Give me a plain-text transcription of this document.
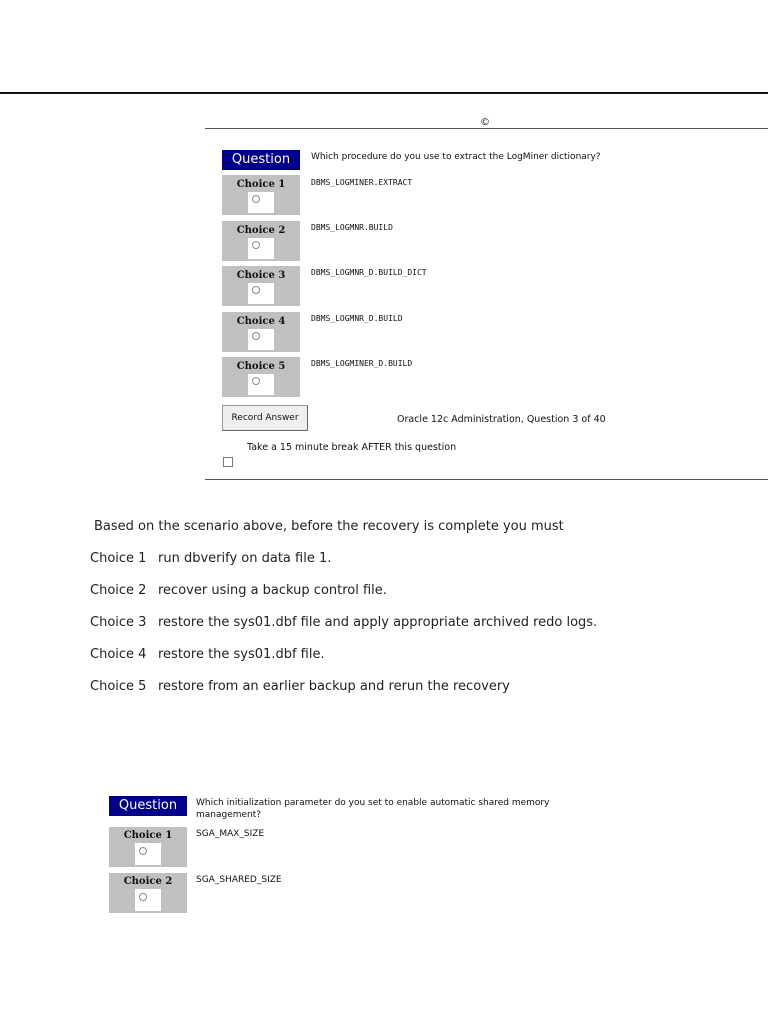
©
Question	Which procedure do you use to extract the LogMiner dictionary?
Choice 1	DBMS_LOGMINER.EXTRACT
Choice 2	DBMS_LOGMNR.BUILD
Choice 3	DBMS_LOGMNR_D.BUILD_DICT
Choice 4	DBMS_LOGMNR_D.BUILD
Choice 5	DBMS_LOGMINER_D.BUILD
Record Answer	Oracle 12c Administration, Question 3 of 40
Take a 15 minute break AFTER this question
Based on the scenario above, before the recovery is complete you must
Choice 1 run dbverify on data file 1.
Choice 2 recover using a backup control file.
Choice 3 restore the sys01.dbf file and apply appropriate archived redo logs.
Choice 4 restore the sys01.dbf file.
Choice 5 restore from an earlier backup and rerun the recovery
Question	Which initialization parameter do you set to enable automatic shared memory
management?
Choice 1	SGA_MAX_SIZE
Choice 2	SGA_SHARED_SIZE
